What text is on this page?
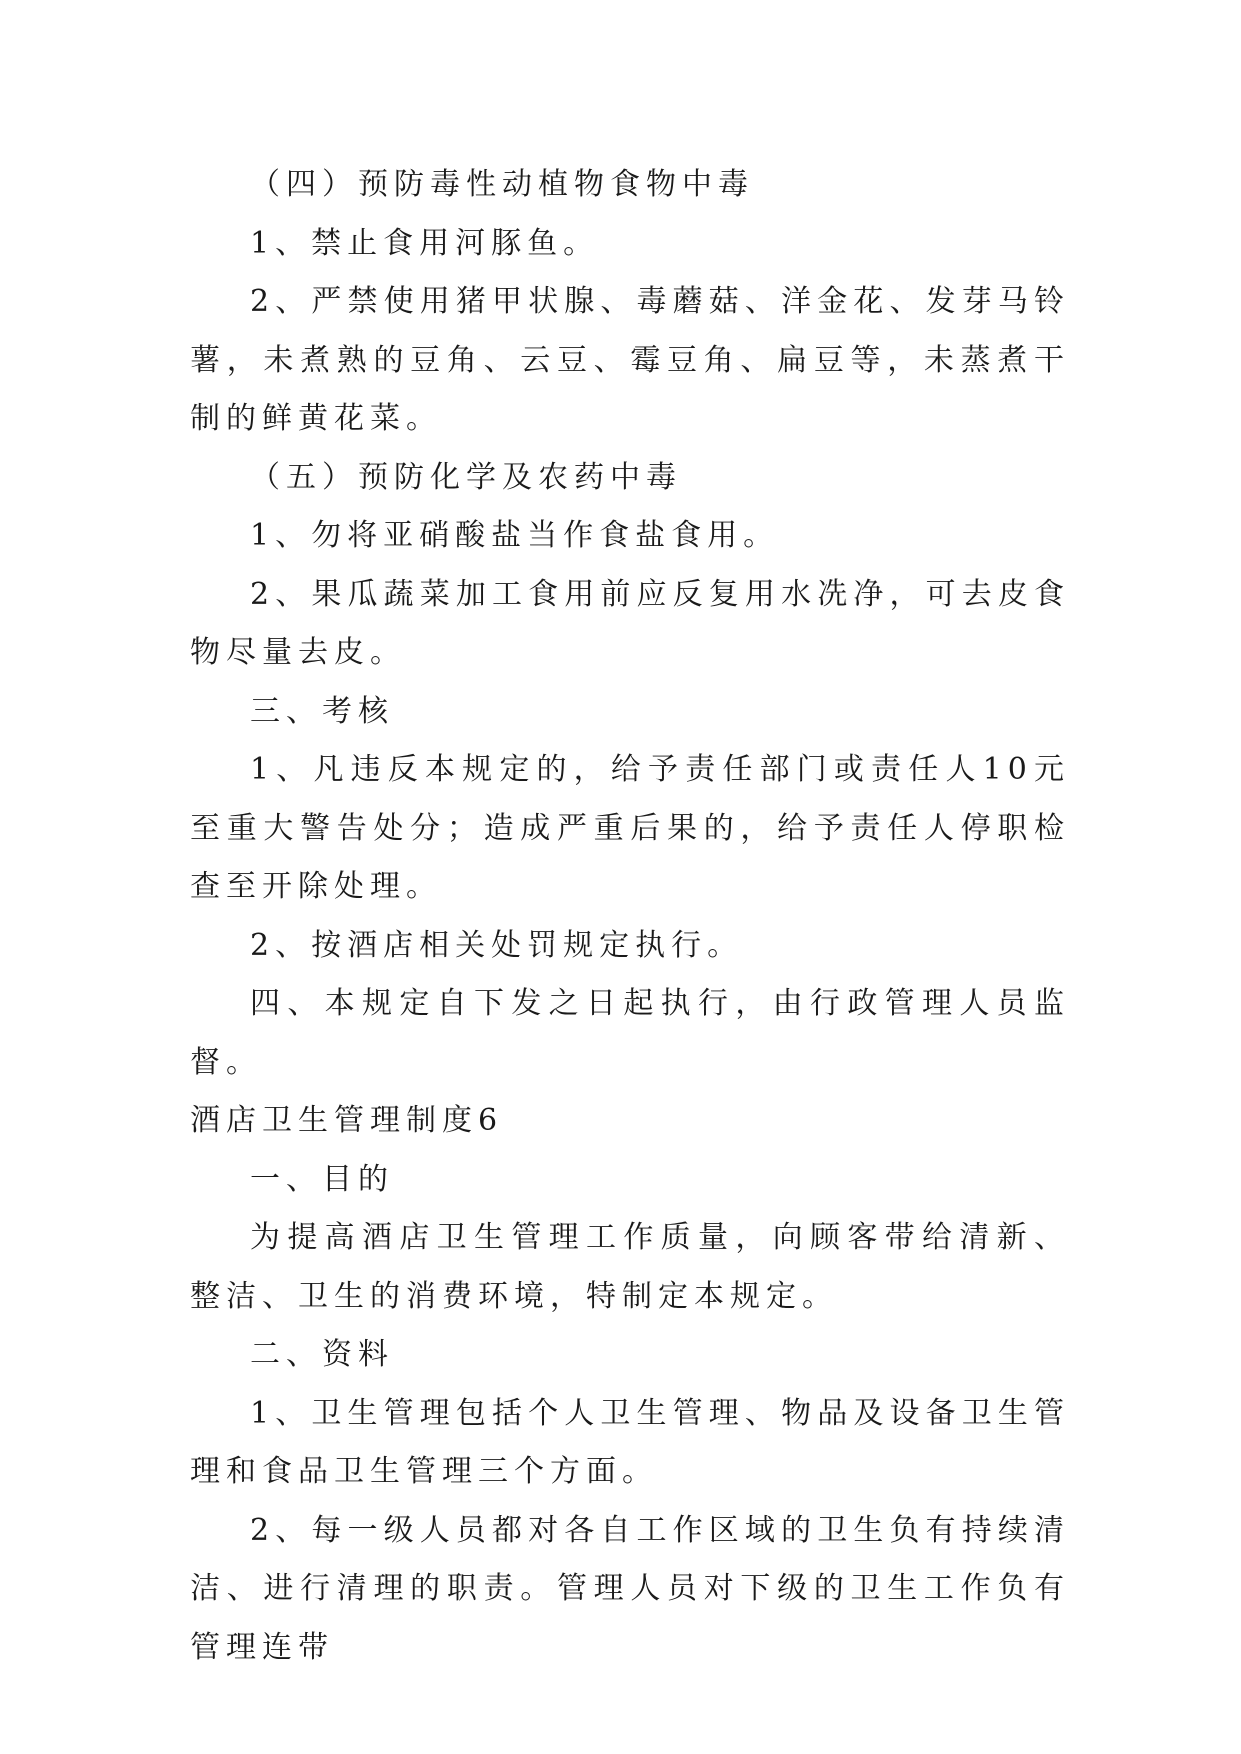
（四）预防毒性动植物食物中毒

1、禁止食用河豚鱼。

2、严禁使用猪甲状腺、毒蘑菇、洋金花、发芽马铃薯，未煮熟的豆角、云豆、霉豆角、扁豆等，未蒸煮干制的鲜黄花菜。

（五）预防化学及农药中毒

1、勿将亚硝酸盐当作食盐食用。

2、果瓜蔬菜加工食用前应反复用水冼净，可去皮食物尽量去皮。

三、考核

1、凡违反本规定的，给予责任部门或责任人10元至重大警告处分；造成严重后果的，给予责任人停职检查至开除处理。

2、按酒店相关处罚规定执行。

四、本规定自下发之日起执行，由行政管理人员监督。

酒店卫生管理制度6

一、目的

为提高酒店卫生管理工作质量，向顾客带给清新、整洁、卫生的消费环境，特制定本规定。

二、资料

1、卫生管理包括个人卫生管理、物品及设备卫生管理和食品卫生管理三个方面。

2、每一级人员都对各自工作区域的卫生负有持续清洁、进行清理的职责。管理人员对下级的卫生工作负有管理连带
